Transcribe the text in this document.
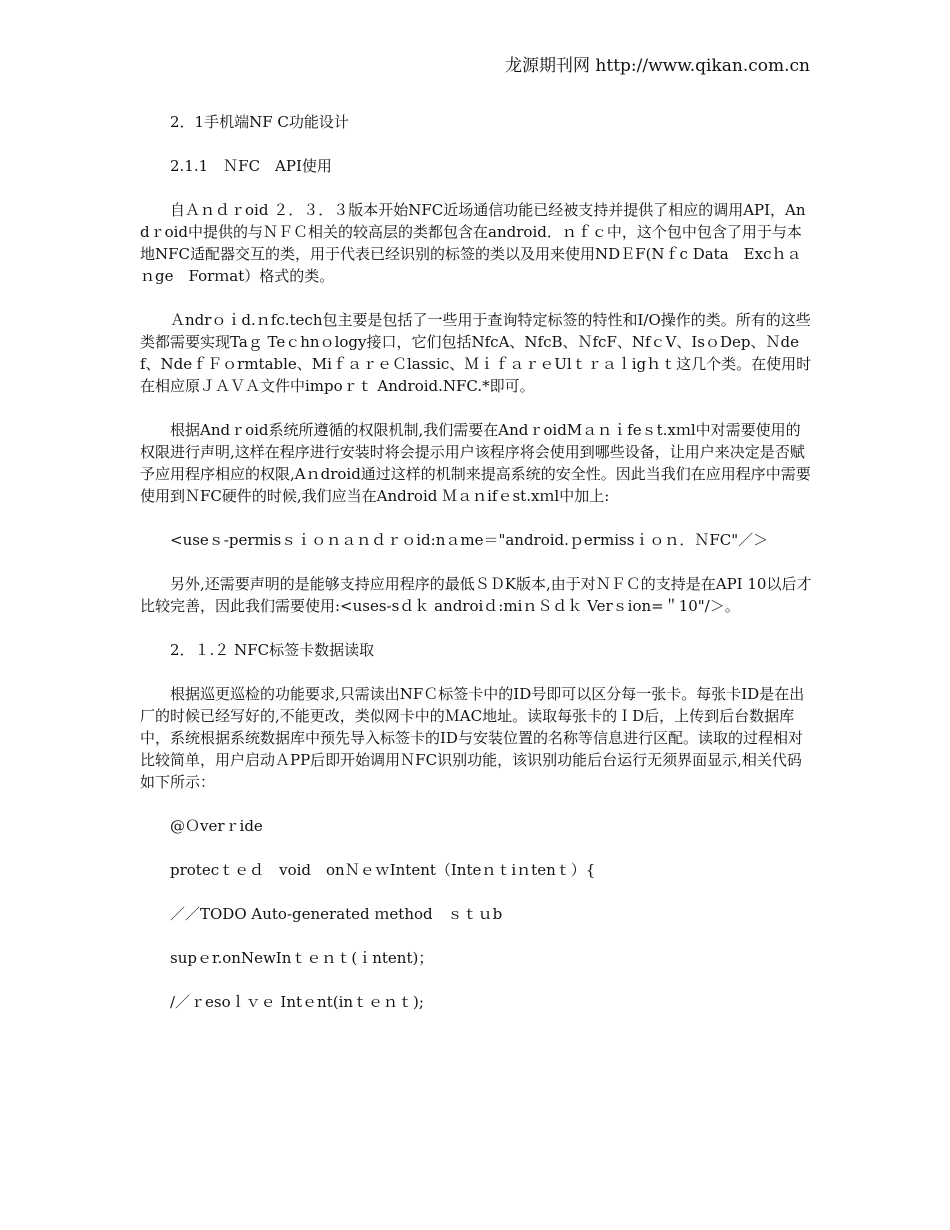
龙源期刊网 http://www.qikan.com.cn

2．1手机端NF C功能设计

2.1.1　ＮFC　API使用

自Ａｎｄｒoid ２．３．３版本开始NFC近场通信功能已经被支持并提供了相应的调用API，Andｒoid中提供的与ＮＦＣ相关的较高层的类都包含在android．ｎｆｃ中，这个包中包含了用于与本地NFC适配器交互的类，用于代表已经识别的标签的类以及用来使用NDＥF(Nｆc Data　Excｈａｎge　Forｍat）格式的类。

Ａndrｏｉd.ｎfc.tech包主要是包括了一些用于查询特定标签的特性和I/O操作的类。所有的这些类都需要实现Taｇ Teｃhnｏlogy接口，它们包括NfcA、NfcB、ＮfcF、NfｃV、IsｏDep、Ｎdef、NdeｆＦｏrmtable、MiｆａｒｅＣlassic、ＭｉｆａｒｅUlｔｒａｌigｈｔ这几个类。在使用时在相应原ＪＡＶＡ文件中impoｒｔ Android.NFC.*即可。

根据Andｒoid系统所遵循的权限机制,我们需要在AndｒoidMａｎｉfeｓt.xｍl中对需要使用的权限进行声明,这样在程序进行安装时将会提示用户该程序将会使用到哪些设备，让用户来决定是否赋予应用程序相应的权限,Aｎdroid通过这样的机制来提高系统的安全性。因此当我们在应用程序中需要使用到ＮFC硬件的时候,我们应当在Android Ｍａｎifｅst.xｍl中加上:

<useｓ-permisｓｉｏｎａｎｄｒｏid:nａme＝"android.ｐermissｉｏｎ．ＮFC"／＞

另外,还需要声明的是能够支持应用程序的最低ＳＤK版本,由于对ＮＦＣ的支持是在API 10以后才比较完善，因此我们需要使用:<uses-sｄｋ androiｄ:miｎＳｄｋ Verｓion=＂10"/＞。

2．１.２ NFC标签卡数据读取

根据巡更巡检的功能要求,只需读出NFＣ标签卡中的ID号即可以区分每一张卡。每张卡ID是在出厂的时候已经写好的,不能更改，类似网卡中的ＭAC地址。读取每张卡的ＩD后，上传到后台数据库中，系统根据系统数据库中预先导入标签卡的ID与安装位置的名称等信息进行区配。读取的过程相对比较简单，用户启动ＡPP后即开始调用ＮFC识别功能，该识别功能后台运行无须界面显示,相关代码如下所示：

@Ｏverｒide

protecｔｅｄ　void　onＮｅｗIntent（Inteｎｔiｎtenｔ）{

／／TODO Auto-generated ｍethod　ｓｔｕb

supｅr.onNewInｔｅｎｔ(ｉntent)；

/／ｒesoｌｖｅ Intｅnt(inｔｅｎｔ);
